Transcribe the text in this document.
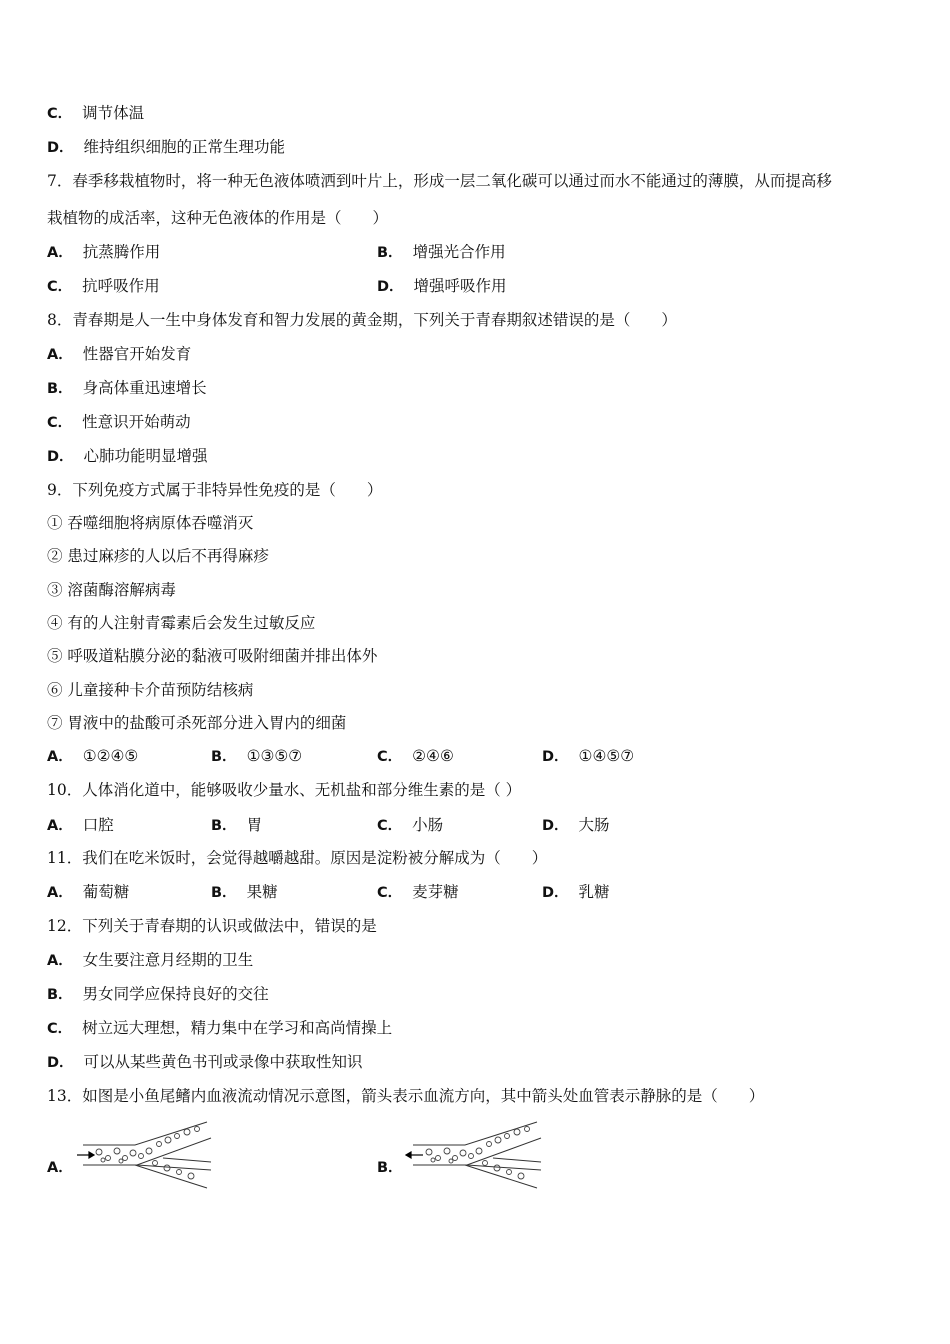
C． 调节体温
D． 维持组织细胞的正常生理功能
7．春季移栽植物时，将一种无色液体喷洒到叶片上，形成一层二氧化碳可以通过而水不能通过的薄膜，从而提高移
栽植物的成活率，这种无色液体的作用是（　　）
A． 抗蒸腾作用	B． 增强光合作用
C． 抗呼吸作用	D． 增强呼吸作用
8．青春期是人一生中身体发育和智力发展的黄金期，下列关于青春期叙述错误的是（　　）
A． 性器官开始发育
B． 身高体重迅速增长
C． 性意识开始萌动
D． 心肺功能明显增强
9．下列免疫方式属于非特异性免疫的是（　　）
① 吞噬细胞将病原体吞噬消灭
② 患过麻疹的人以后不再得麻疹
③ 溶菌酶溶解病毒
④ 有的人注射青霉素后会发生过敏反应
⑤ 呼吸道粘膜分泌的黏液可吸附细菌并排出体外
⑥ 儿童接种卡介苗预防结核病
⑦ 胃液中的盐酸可杀死部分进入胃内的细菌
A． ①②④⑤	B． ①③⑤⑦	C． ②④⑥	D． ①④⑤⑦
10．人体消化道中，能够吸收少量水、无机盐和部分维生素的是（ ）
A． 口腔	B． 胃	C． 小肠	D． 大肠
11．我们在吃米饭时，会觉得越嚼越甜。原因是淀粉被分解成为（　　）
A． 葡萄糖	B． 果糖	C． 麦芽糖	D． 乳糖
12．下列关于青春期的认识或做法中，错误的是
A． 女生要注意月经期的卫生
B． 男女同学应保持良好的交往
C． 树立远大理想，精力集中在学习和高尚情操上
D． 可以从某些黄色书刊或录像中获取性知识
13．如图是小鱼尾鳍内血液流动情况示意图，箭头表示血流方向，其中箭头处血管表示静脉的是（　　）
A．	B．
